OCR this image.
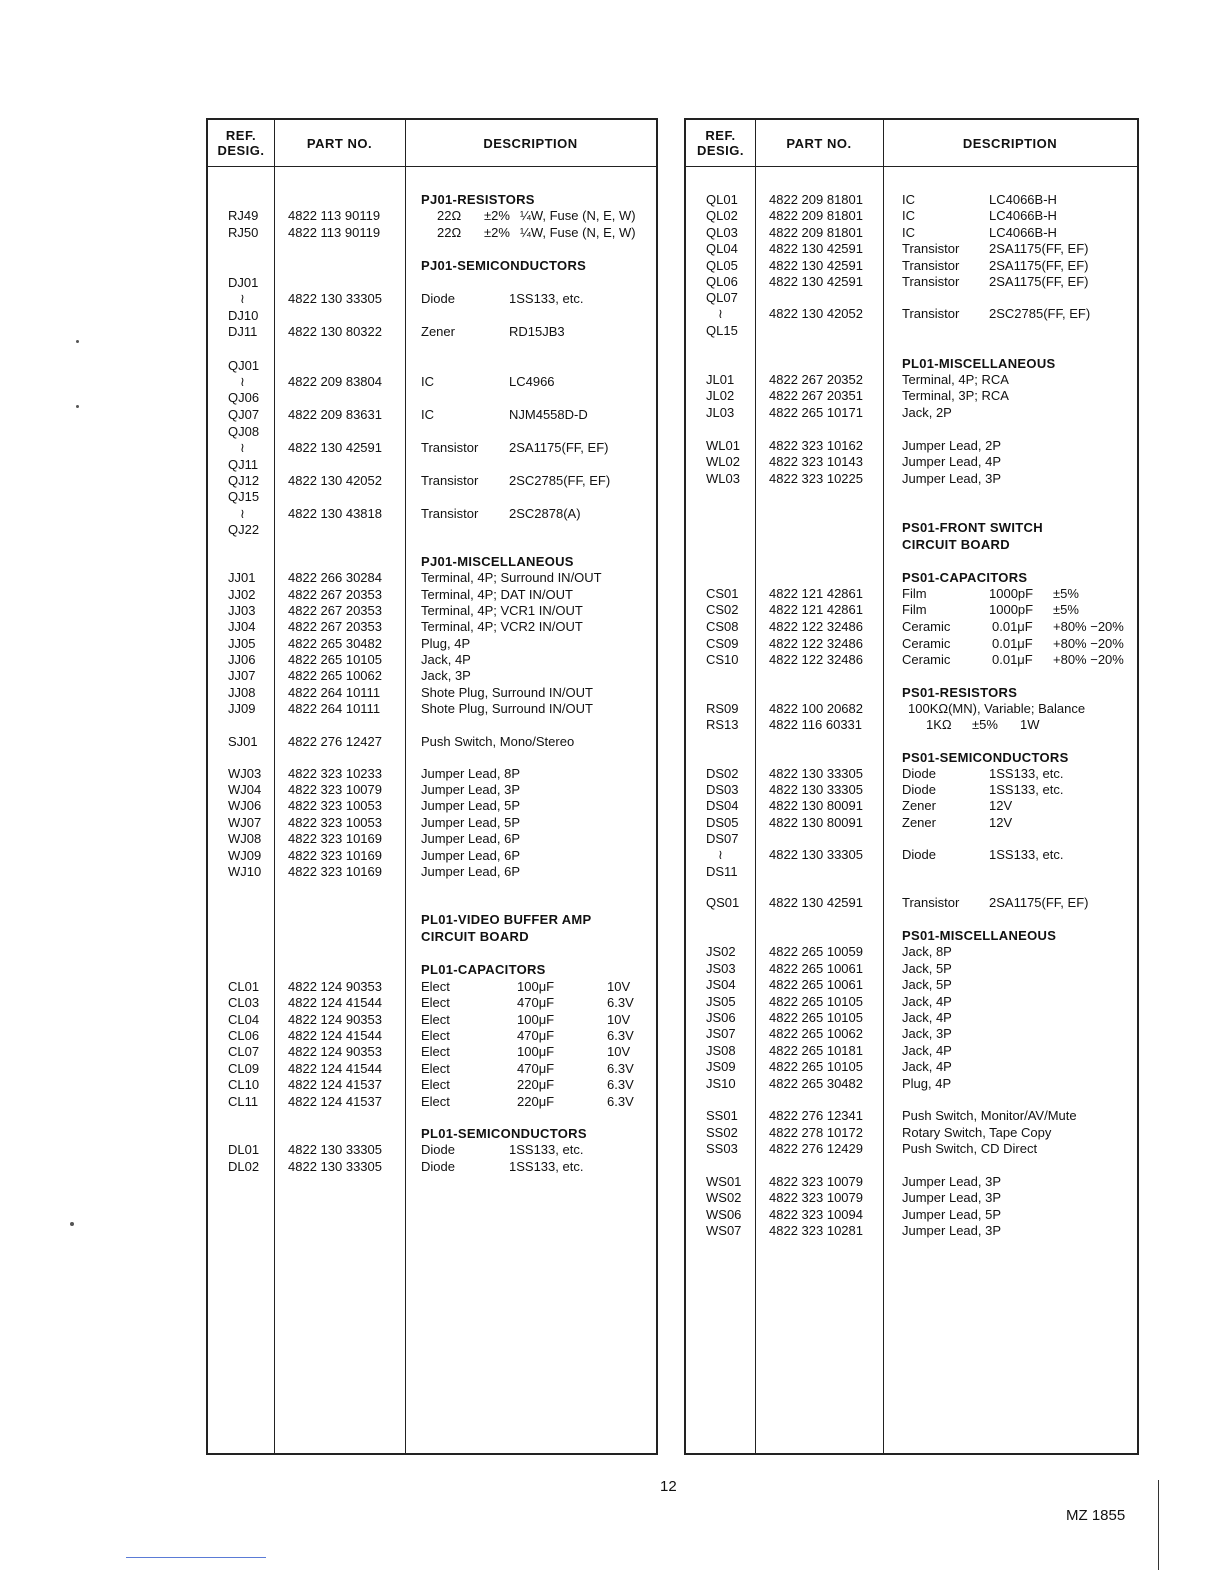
REF.
DESIG.	PART NO.	DESCRIPTION
PJ01-RESISTORS
RJ49 4822 113 90119	22Ω ±2% ¼W, Fuse (N, E, W)
RJ50 4822 113 90119	22Ω ±2% ¼W, Fuse (N, E, W)
PJ01-SEMICONDUCTORS
DJ01
≀	4822 130 33305	Diode	1SS133, etc.
DJ10
DJ11 4822 130 80322	Zener	RD15JB3
QJ01
≀	4822 209 83804	IC	LC4966
QJ06
QJ07 4822 209 83631	IC	NJM4558D-D
QJ08
≀	4822 130 42591	Transistor 2SA1175(FF, EF)
QJ11
QJ12 4822 130 42052	Transistor 2SC2785(FF, EF)
QJ15
≀	4822 130 43818	Transistor 2SC2878(A)
QJ22
PJ01-MISCELLANEOUS
JJ01	4822 266 30284	Terminal, 4P; Surround IN/OUT
JJ02	4822 267 20353	Terminal, 4P; DAT IN/OUT
JJ03	4822 267 20353	Terminal, 4P; VCR1 IN/OUT
JJ04	4822 267 20353	Terminal, 4P; VCR2 IN/OUT
JJ05	4822 265 30482	Plug, 4P
JJ06	4822 265 10105	Jack, 4P
JJ07	4822 265 10062	Jack, 3P
JJ08	4822 264 10111	Shote Plug, Surround IN/OUT
JJ09	4822 264 10111	Shote Plug, Surround IN/OUT
SJ01 4822 276 12427	Push Switch, Mono/Stereo
WJ03 4822 323 10233	Jumper Lead, 8P
WJ04 4822 323 10079	Jumper Lead, 3P
WJ06 4822 323 10053	Jumper Lead, 5P
WJ07 4822 323 10053	Jumper Lead, 5P
WJ08 4822 323 10169	Jumper Lead, 6P
WJ09 4822 323 10169	Jumper Lead, 6P
WJ10 4822 323 10169	Jumper Lead, 6P
PL01-VIDEO BUFFER AMP
CIRCUIT BOARD
PL01-CAPACITORS
CL01 4822 124 90353	Elect	100μF	10V
CL03 4822 124 41544	Elect	470μF	6.3V
CL04 4822 124 90353	Elect	100μF	10V
CL06 4822 124 41544	Elect	470μF	6.3V
CL07 4822 124 90353	Elect	100μF	10V
CL09 4822 124 41544	Elect	470μF	6.3V
CL10 4822 124 41537	Elect	220μF	6.3V
CL11 4822 124 41537	Elect	220μF	6.3V
PL01-SEMICONDUCTORS
DL01 4822 130 33305	Diode	1SS133, etc.
DL02 4822 130 33305	Diode	1SS133, etc.
REF.
DESIG.	PART NO.	DESCRIPTION
QL01 4822 209 81801	IC	LC4066B-H
QL02 4822 209 81801	IC	LC4066B-H
QL03 4822 209 81801	IC	LC4066B-H
QL04 4822 130 42591	Transistor 2SA1175(FF, EF)
QL05 4822 130 42591	Transistor 2SA1175(FF, EF)
QL06 4822 130 42591	Transistor 2SA1175(FF, EF)
QL07
≀	4822 130 42052	Transistor 2SC2785(FF, EF)
QL15
PL01-MISCELLANEOUS
JL01	4822 267 20352	Terminal, 4P; RCA
JL02	4822 267 20351	Terminal, 3P; RCA
JL03	4822 265 10171	Jack, 2P
WL01 4822 323 10162	Jumper Lead, 2P
WL02 4822 323 10143	Jumper Lead, 4P
WL03 4822 323 10225	Jumper Lead, 3P
PS01-FRONT SWITCH
CIRCUIT BOARD
PS01-CAPACITORS
CS01 4822 121 42861	Film	1000pF ±5%
CS02 4822 121 42861	Film	1000pF ±5%
CS08 4822 122 32486	Ceramic	0.01μF +80% −20%
CS09 4822 122 32486	Ceramic	0.01μF +80% −20%
CS10 4822 122 32486	Ceramic	0.01μF +80% −20%
PS01-RESISTORS
RS09 4822 100 20682	100KΩ(MN), Variable; Balance
RS13 4822 116 60331	1KΩ ±5% 1W
PS01-SEMICONDUCTORS
DS02 4822 130 33305	Diode	1SS133, etc.
DS03 4822 130 33305	Diode	1SS133, etc.
DS04 4822 130 80091	Zener	12V
DS05 4822 130 80091	Zener	12V
DS07
≀	4822 130 33305	Diode	1SS133, etc.
DS11
QS01 4822 130 42591	Transistor 2SA1175(FF, EF)
PS01-MISCELLANEOUS
JS02	4822 265 10059	Jack, 8P
JS03	4822 265 10061	Jack, 5P
JS04	4822 265 10061	Jack, 5P
JS05	4822 265 10105	Jack, 4P
JS06	4822 265 10105	Jack, 4P
JS07	4822 265 10062	Jack, 3P
JS08	4822 265 10181	Jack, 4P
JS09	4822 265 10105	Jack, 4P
JS10	4822 265 30482	Plug, 4P
SS01 4822 276 12341	Push Switch, Monitor/AV/Mute
SS02 4822 278 10172	Rotary Switch, Tape Copy
SS03 4822 276 12429	Push Switch, CD Direct
WS01 4822 323 10079	Jumper Lead, 3P
WS02 4822 323 10079	Jumper Lead, 3P
WS06 4822 323 10094	Jumper Lead, 5P
WS07 4822 323 10281	Jumper Lead, 3P
12
MZ 1855
